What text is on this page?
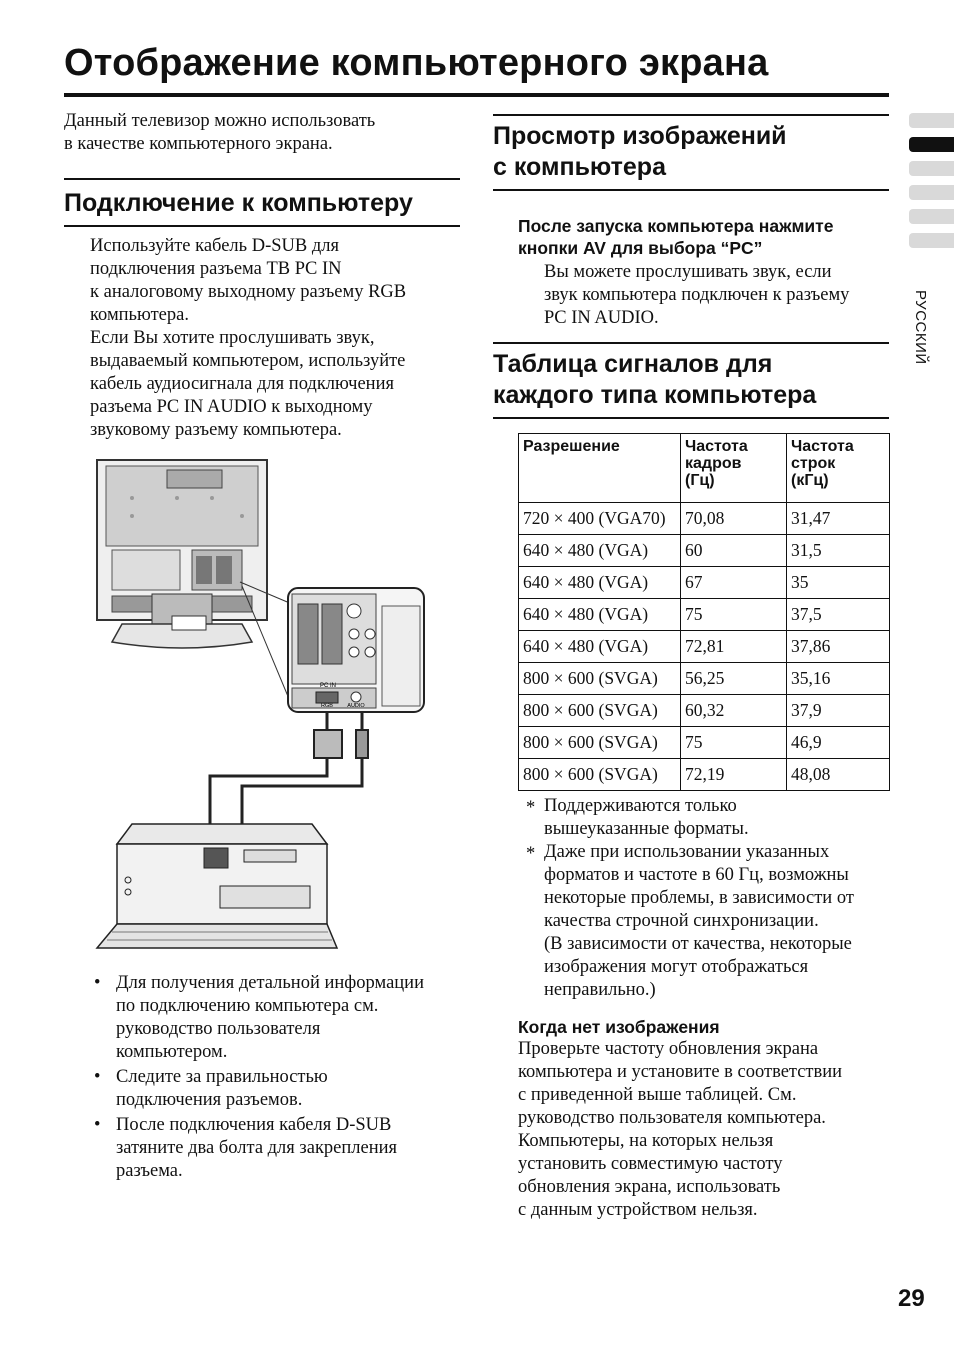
Отображение компьютерного экрана

Данный телевизор можно использовать
в качестве компьютерного экрана.

Подключение к компьютеру

Используйте кабель D-SUB для
подключения разъема ТВ PC IN
к аналоговому выходному разъему RGB
компьютера.
Если Вы хотите прослушивать звук,
выдаваемый компьютером, используйте
кабель аудиосигнала для подключения
разъема PC IN AUDIO к выходному
звуковому разъему компьютера.

PC IN
RGB	AUDIO
• Для получения детальной информации
по подключению компьютера см.
руководство пользователя
компьютером.
• Следите за правильностью
подключения разъемов.
• После подключения кабеля D-SUB
затяните два болта для закрепления
разъема.
Просмотр изображений
с компьютера

После запуска компьютера нажмите
кнопки AV для выбора “PC”

Вы можете прослушивать звук, если
звук компьютера подключен к разъему
PC IN AUDIO.

Таблица сигналов для
каждого типа компьютера
Разрешение	Частота
кадров
(Гц)	Частота
строк
(кГц)
720 × 400 (VGA70)	70,08	31,47
640 × 480 (VGA)	60	31,5
640 × 480 (VGA)	67	35
640 × 480 (VGA)	75	37,5
640 × 480 (VGA)	72,81	37,86
800 × 600 (SVGA)	56,25	35,16
800 × 600 (SVGA)	60,32	37,9
800 × 600 (SVGA)	75	46,9
800 × 600 (SVGA)	72,19	48,08
* Поддерживаются только
вышеуказанные форматы.
* Даже при использовании указанных
форматов и частоте в 60 Гц, возможны
некоторые проблемы, в зависимости от
качества строчной синхронизации.
(В зависимости от качества, некоторые
изображения могут отображаться
неправильно.)
Когда нет изображения

Проверьте частоту обновления экрана
компьютера и установите в соответствии
с приведенной выше таблицей. См.
руководство пользователя компьютера.
Компьютеры, на которых нельзя
установить совместимую частоту
обновления экрана, использовать
с данным устройством нельзя.

РУССКИЙ
29
